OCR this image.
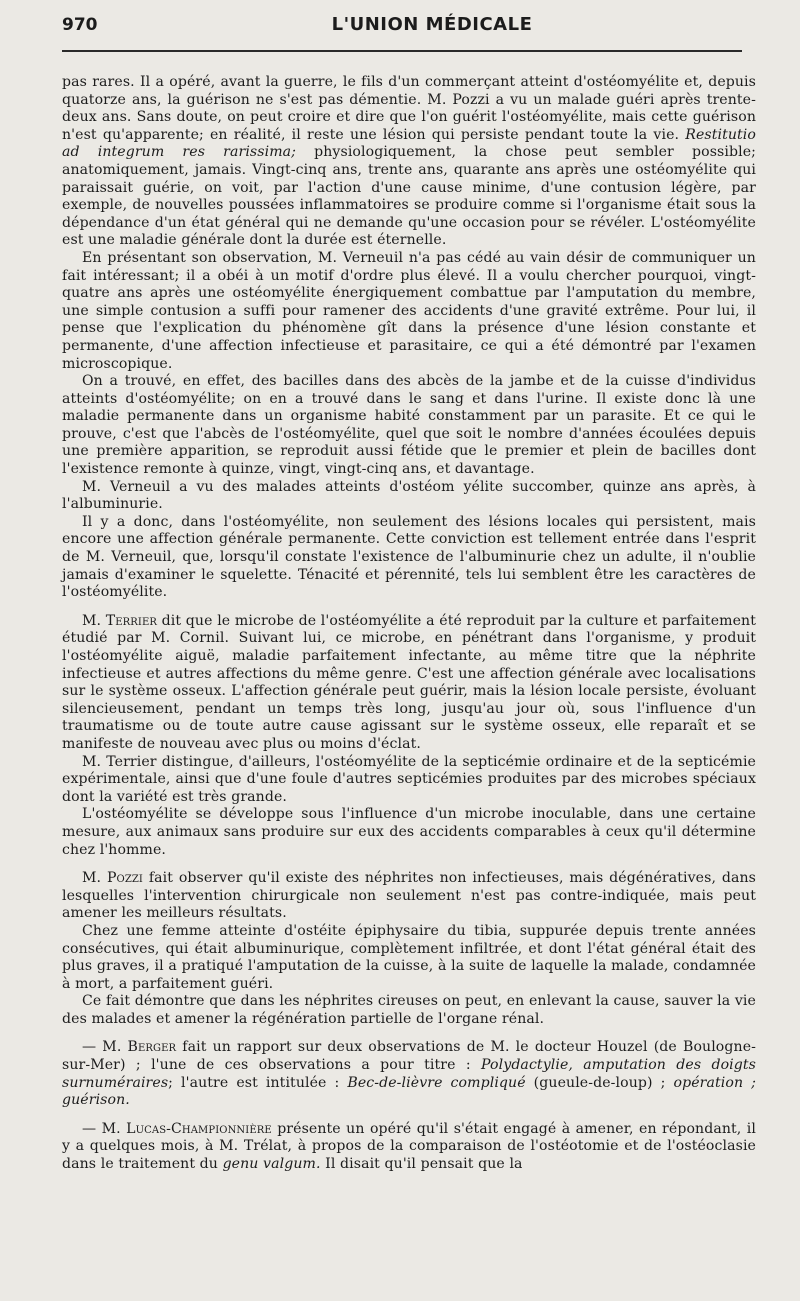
970	L'UNION MÉDICALE

pas rares. Il a opéré, avant la guerre, le fils d'un commerçant atteint d'ostéomyélite et, depuis quatorze ans, la guérison ne s'est pas démentie. M. Pozzi a vu un malade guéri après trente-deux ans. Sans doute, on peut croire et dire que l'on guérit l'ostéomyélite, mais cette guérison n'est qu'apparente; en réalité, il reste une lésion qui persiste pendant toute la vie. Restitutio ad integrum res rarissima; physiologiquement, la chose peut sembler possible; anatomiquement, jamais. Vingt-cinq ans, trente ans, quarante ans après une ostéomyélite qui paraissait guérie, on voit, par l'action d'une cause minime, d'une contusion légère, par exemple, de nouvelles poussées inflammatoires se produire comme si l'organisme était sous la dépendance d'un état général qui ne demande qu'une occasion pour se révéler. L'ostéomyélite est une maladie générale dont la durée est éternelle.

En présentant son observation, M. Verneuil n'a pas cédé au vain désir de communiquer un fait intéressant; il a obéi à un motif d'ordre plus élevé. Il a voulu chercher pourquoi, vingt-quatre ans après une ostéomyélite énergiquement combattue par l'amputation du membre, une simple contusion a suffi pour ramener des accidents d'une gravité extrême. Pour lui, il pense que l'explication du phénomène gît dans la présence d'une lésion constante et permanente, d'une affection infectieuse et parasitaire, ce qui a été démontré par l'examen microscopique.

On a trouvé, en effet, des bacilles dans des abcès de la jambe et de la cuisse d'individus atteints d'ostéomyélite; on en a trouvé dans le sang et dans l'urine. Il existe donc là une maladie permanente dans un organisme habité constamment par un parasite. Et ce qui le prouve, c'est que l'abcès de l'ostéomyélite, quel que soit le nombre d'années écoulées depuis une première apparition, se reproduit aussi fétide que le premier et plein de bacilles dont l'existence remonte à quinze, vingt, vingt-cinq ans, et davantage.

M. Verneuil a vu des malades atteints d'ostéom yélite succomber, quinze ans après, à l'albuminurie.

Il y a donc, dans l'ostéomyélite, non seulement des lésions locales qui persistent, mais encore une affection générale permanente. Cette conviction est tellement entrée dans l'esprit de M. Verneuil, que, lorsqu'il constate l'existence de l'albuminurie chez un adulte, il n'oublie jamais d'examiner le squelette. Ténacité et pérennité, tels lui semblent être les caractères de l'ostéomyélite.

M. Terrier dit que le microbe de l'ostéomyélite a été reproduit par la culture et parfaitement étudié par M. Cornil. Suivant lui, ce microbe, en pénétrant dans l'organisme, y produit l'ostéomyélite aiguë, maladie parfaitement infectante, au même titre que la néphrite infectieuse et autres affections du même genre. C'est une affection générale avec localisations sur le système osseux. L'affection générale peut guérir, mais la lésion locale persiste, évoluant silencieusement, pendant un temps très long, jusqu'au jour où, sous l'influence d'un traumatisme ou de toute autre cause agissant sur le système osseux, elle reparaît et se manifeste de nouveau avec plus ou moins d'éclat.

M. Terrier distingue, d'ailleurs, l'ostéomyélite de la septicémie ordinaire et de la septicémie expérimentale, ainsi que d'une foule d'autres septicémies produites par des microbes spéciaux dont la variété est très grande.

L'ostéomyélite se développe sous l'influence d'un microbe inoculable, dans une certaine mesure, aux animaux sans produire sur eux des accidents comparables à ceux qu'il détermine chez l'homme.

M. Pozzi fait observer qu'il existe des néphrites non infectieuses, mais dégénératives, dans lesquelles l'intervention chirurgicale non seulement n'est pas contre-indiquée, mais peut amener les meilleurs résultats.

Chez une femme atteinte d'ostéite épiphysaire du tibia, suppurée depuis trente années consécutives, qui était albuminurique, complètement infiltrée, et dont l'état général était des plus graves, il a pratiqué l'amputation de la cuisse, à la suite de laquelle la malade, condamnée à mort, a parfaitement guéri.

Ce fait démontre que dans les néphrites cireuses on peut, en enlevant la cause, sauver la vie des malades et amener la régénération partielle de l'organe rénal.

— M. Berger fait un rapport sur deux observations de M. le docteur Houzel (de Boulogne-sur-Mer) ; l'une de ces observations a pour titre : Polydactylie, amputation des doigts surnuméraires; l'autre est intitulée : Bec-de-lièvre compliqué (gueule-de-loup) ; opération ; guérison.

— M. Lucas-Championnière présente un opéré qu'il s'était engagé à amener, en répondant, il y a quelques mois, à M. Trélat, à propos de la comparaison de l'ostéotomie et de l'ostéoclasie dans le traitement du genu valgum. Il disait qu'il pensait que la
